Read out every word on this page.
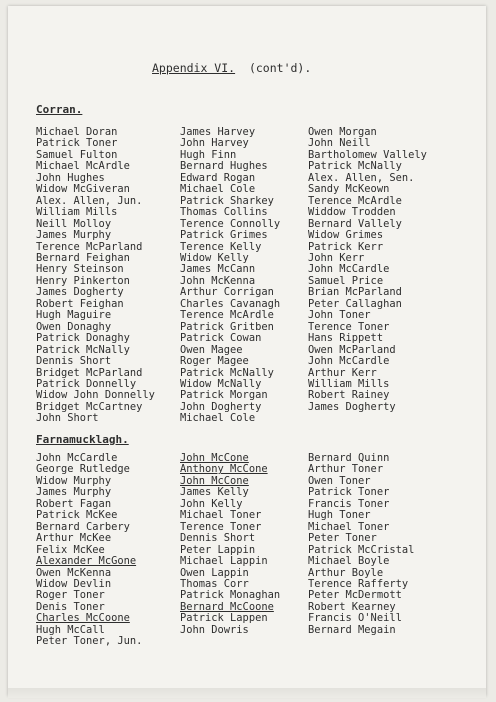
Appendix VI. (cont'd).
Corran.
Michael Doran
Patrick Toner
Samuel Fulton
Michael McArdle
John Hughes
Widow McGiveran
Alex. Allen, Jun.
William Mills
Neill Molloy
James Murphy
Terence McParland
Bernard Feighan
Henry Steinson
Henry Pinkerton
James Dogherty
Robert Feighan
Hugh Maguire
Owen Donaghy
Patrick Donaghy
Patrick McNally
Dennis Short
Bridget McParland
Patrick Donnelly
Widow John Donnelly
Bridget McCartney
John Short
James Harvey
John Harvey
Hugh Finn
Bernard Hughes
Edward Rogan
Michael Cole
Patrick Sharkey
Thomas Collins
Terence Connolly
Patrick Grimes
Terence Kelly
Widow Kelly
James McCann
John McKenna
Arthur Corrigan
Charles Cavanagh
Terence McArdle
Patrick Gritben
Patrick Cowan
Owen Magee
Roger Magee
Patrick McNally
Widow McNally
Patrick Morgan
John Dogherty
Michael Cole
Owen Morgan
John Neill
Bartholomew Vallely
Patrick McNally
Alex. Allen, Sen.
Sandy McKeown
Terence McArdle
Widdow Trodden
Bernard Vallely
Widow Grimes
Patrick Kerr
John Kerr
John McCardle
Samuel Price
Brian McParland
Peter Callaghan
John Toner
Terence Toner
Hans Rippett
Owen McParland
John McCardle
Arthur Kerr
William Mills
Robert Rainey
James Dogherty
Farnamucklagh.
John McCardle
George Rutledge
Widow Murphy
James Murphy
Robert Fagan
Patrick McKee
Bernard Carbery
Arthur McKee
Felix McKee
Alexander McGone
Owen McKenna
Widow Devlin
Roger Toner
Denis Toner
Charles McCoone
Hugh McCall
Peter Toner, Jun.
John McCone
Anthony McCone
John McCone
James Kelly
John Kelly
Michael Toner
Terence Toner
Dennis Short
Peter Lappin
Michael Lappin
Owen Lappin
Thomas Corr
Patrick Monaghan
Bernard McCoone
Patrick Lappen
John Dowris
Bernard Quinn
Arthur Toner
Owen Toner
Patrick Toner
Francis Toner
Hugh Toner
Michael Toner
Peter Toner
Patrick McCristal
Michael Boyle
Arthur Boyle
Terence Rafferty
Peter McDermott
Robert Kearney
Francis O'Neill
Bernard Megain
